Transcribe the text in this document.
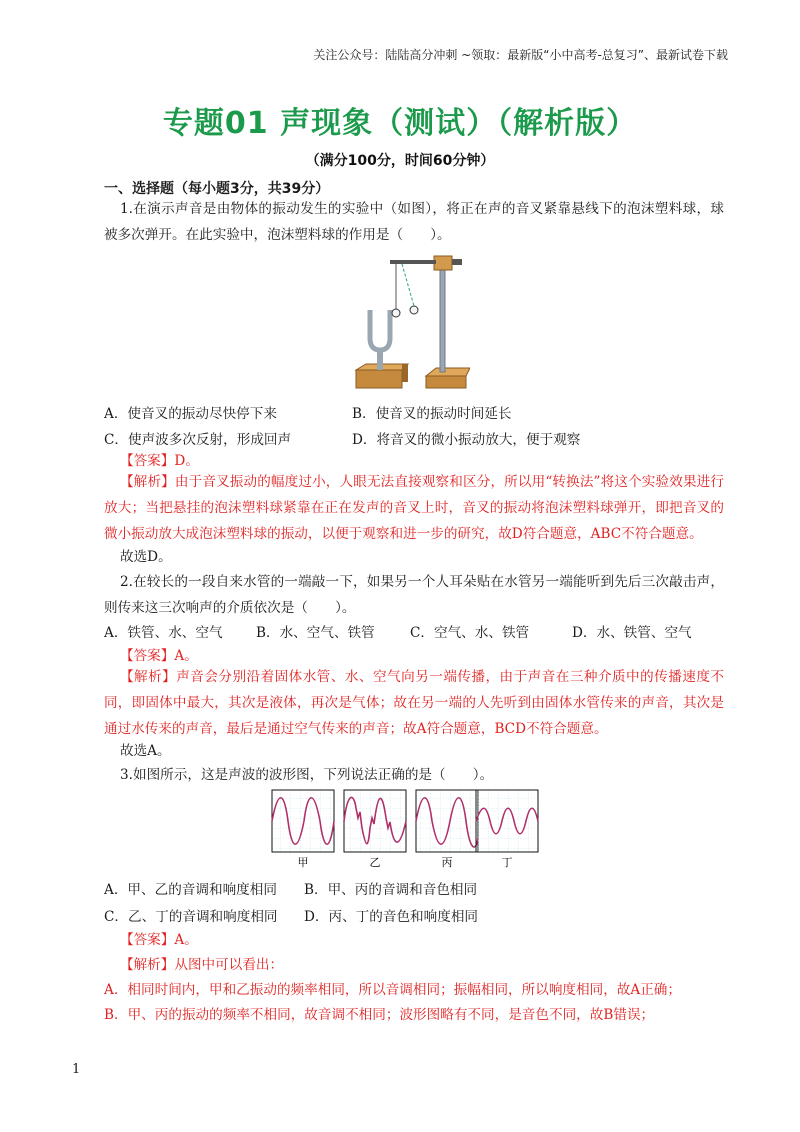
关注公众号：陆陆高分冲刺 ~领取：最新版“小中高考-总复习”、最新试卷下载
专题01 声现象（测试）（解析版）
（满分100分，时间60分钟）
一、选择题（每小题3分，共39分）
1.在演示声音是由物体的振动发生的实验中（如图），将正在声的音叉紧靠悬线下的泡沫塑料球，球被多次弹开。在此实验中，泡沫塑料球的作用是（　　）。
A．使音叉的振动尽快停下来	B．使音叉的振动时间延长
C．使声波多次反射，形成回声	D．将音叉的微小振动放大，便于观察
【答案】D。
【解析】由于音叉振动的幅度过小，人眼无法直接观察和区分，所以用“转换法”将这个实验效果进行放大；当把悬挂的泡沫塑料球紧靠在正在发声的音叉上时，音叉的振动将泡沫塑料球弹开，即把音叉的微小振动放大成泡沫塑料球的振动，以便于观察和进一步的研究，故D符合题意，ABC不符合题意。
故选D。
2.在较长的一段自来水管的一端敲一下，如果另一个人耳朵贴在水管另一端能听到先后三次敲击声，则传来这三次响声的介质依次是（　　）。
A．铁管、水、空气 B．水、空气、铁管	C．空气、水、铁管	D．水、铁管、空气
【答案】A。
【解析】声音会分别沿着固体水管、水、空气向另一端传播，由于声音在三种介质中的传播速度不同，即固体中最大，其次是液体，再次是气体；故在另一端的人先听到由固体水管传来的声音，其次是通过水传来的声音，最后是通过空气传来的声音；故A符合题意，BCD不符合题意。
故选A。
3.如图所示，这是声波的波形图，下列说法正确的是（　　）。
甲	乙	丙	丁
A．甲、乙的音调和响度相同 B．甲、丙的音调和音色相同
C．乙、丁的音调和响度相同 D．丙、丁的音色和响度相同
【答案】A。
【解析】从图中可以看出：
A．相同时间内，甲和乙振动的频率相同，所以音调相同；振幅相同，所以响度相同，故A正确；
B．甲、丙的振动的频率不相同，故音调不相同；波形图略有不同，是音色不同，故B错误；
1
